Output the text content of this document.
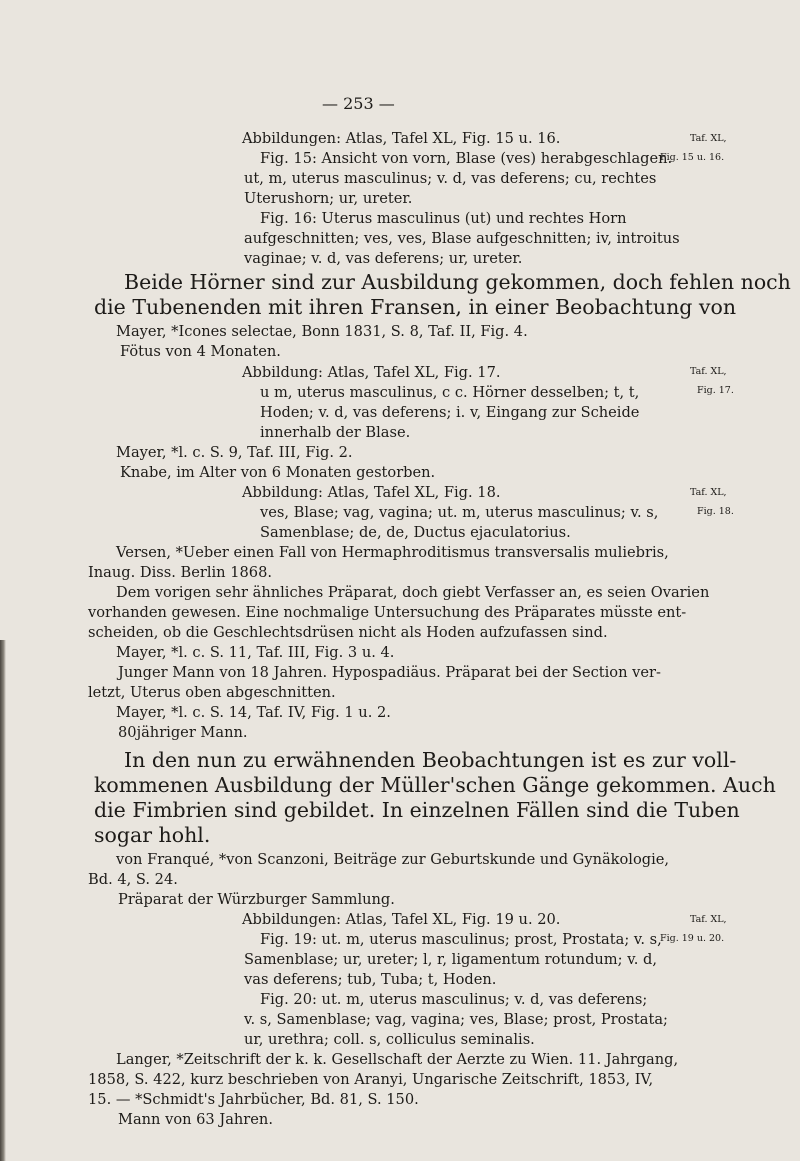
— 253 —
Abbildungen: Atlas, Tafel XL, Fig. 15 u. 16.
Fig. 15: Ansicht von vorn, Blase (ves) herabgeschlagen.
ut, m, uterus masculinus; v. d, vas deferens; cu, rechtes
Uterushorn; ur, ureter.
Fig. 16: Uterus masculinus (ut) und rechtes Horn
aufgeschnitten; ves, ves, Blase aufgeschnitten; iv, introitus
vaginae; v. d, vas deferens; ur, ureter.
Beide Hörner sind zur Ausbildung gekommen, doch fehlen noch
die Tubenenden mit ihren Fransen, in einer Beobachtung von
Mayer, *Icones selectae, Bonn 1831, S. 8, Taf. II, Fig. 4.
Fötus von 4 Monaten.
Abbildung: Atlas, Tafel XL, Fig. 17.
u m, uterus masculinus, c c. Hörner desselben; t, t,
Hoden; v. d, vas deferens; i. v, Eingang zur Scheide
innerhalb der Blase.
Mayer, *l. c. S. 9, Taf. III, Fig. 2.
Knabe, im Alter von 6 Monaten gestorben.
Abbildung: Atlas, Tafel XL, Fig. 18.
ves, Blase; vag, vagina; ut. m, uterus masculinus; v. s,
Samenblase; de, de, Ductus ejaculatorius.
Versen, *Ueber einen Fall von Hermaphroditismus transversalis muliebris,
Inaug. Diss. Berlin 1868.
Dem vorigen sehr ähnliches Präparat, doch giebt Verfasser an, es seien Ovarien
vorhanden gewesen. Eine nochmalige Untersuchung des Präparates müsste ent-
scheiden, ob die Geschlechtsdrüsen nicht als Hoden aufzufassen sind.
Mayer, *l. c. S. 11, Taf. III, Fig. 3 u. 4.
Junger Mann von 18 Jahren. Hypospadiäus. Präparat bei der Section ver-
letzt, Uterus oben abgeschnitten.
Mayer, *l. c. S. 14, Taf. IV, Fig. 1 u. 2.
80jähriger Mann.
In den nun zu erwähnenden Beobachtungen ist es zur voll-
kommenen Ausbildung der Müller'schen Gänge gekommen. Auch
die Fimbrien sind gebildet. In einzelnen Fällen sind die Tuben
sogar hohl.
von Franqué, *von Scanzoni, Beiträge zur Geburtskunde und Gynäkologie,
Bd. 4, S. 24.
Präparat der Würzburger Sammlung.
Abbildungen: Atlas, Tafel XL, Fig. 19 u. 20.
Fig. 19: ut. m, uterus masculinus; prost, Prostata; v. s,
Samenblase; ur, ureter; l, r, ligamentum rotundum; v. d,
vas deferens; tub, Tuba; t, Hoden.
Fig. 20: ut. m, uterus masculinus; v. d, vas deferens;
v. s, Samenblase; vag, vagina; ves, Blase; prost, Prostata;
ur, urethra; coll. s, colliculus seminalis.
Langer, *Zeitschrift der k. k. Gesellschaft der Aerzte zu Wien. 11. Jahrgang,
1858, S. 422, kurz beschrieben von Aranyi, Ungarische Zeitschrift, 1853, IV,
15. — *Schmidt's Jahrbücher, Bd. 81, S. 150.
Mann von 63 Jahren.
Taf. XL,
Fig. 15 u. 16.
Taf. XL,
Fig. 17.
Taf. XL,
Fig. 18.
Taf. XL,
Fig. 19 u. 20.
